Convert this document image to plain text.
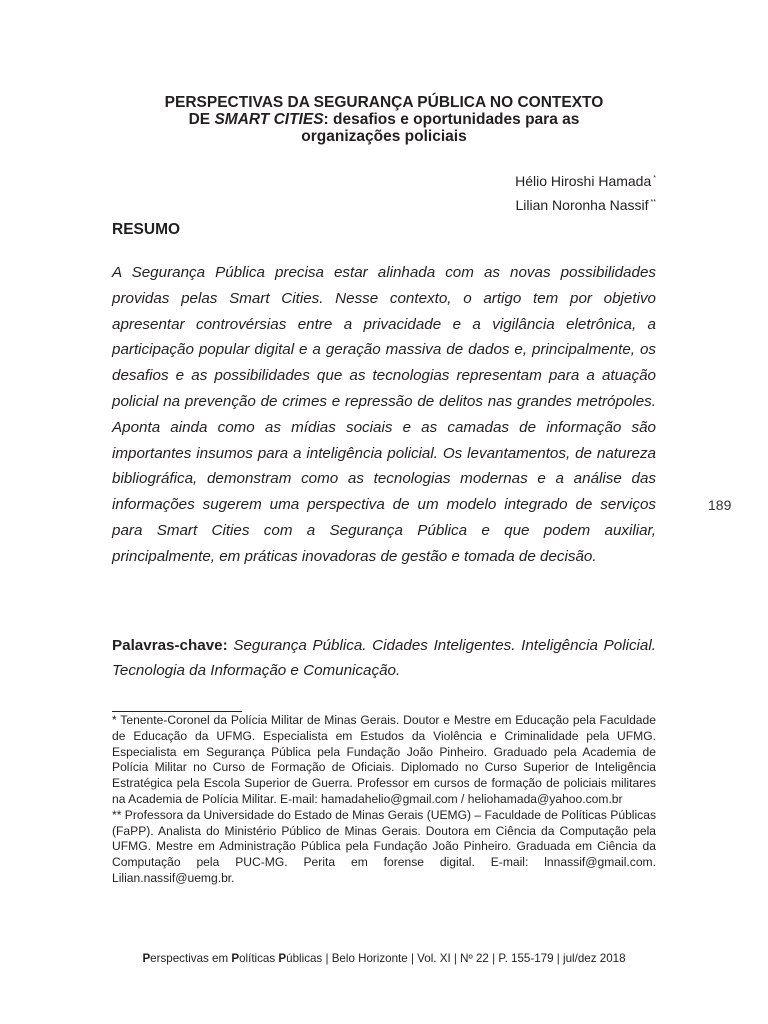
PERSPECTIVAS DA SEGURANÇA PÚBLICA NO CONTEXTO
DE SMART CITIES: desafios e oportunidades para as
organizações policiais
Hélio Hiroshi Hamada *
Lilian Noronha Nassif **
RESUMO

A Segurança Pública precisa estar alinhada com as novas possibilidades providas pelas Smart Cities. Nesse contexto, o artigo tem por objetivo apresentar controvérsias entre a privacidade e a vigilância eletrônica, a participação popular digital e a geração massiva de dados e, principalmente, os desafios e as possibilidades que as tecnologias representam para a atuação policial na prevenção de crimes e repressão de delitos nas grandes metrópoles. Aponta ainda como as mídias sociais e as camadas de informação são importantes insumos para a inteligência policial. Os levantamentos, de natureza bibliográfica, demonstram como as tecnologias modernas e a análise das informações sugerem uma perspectiva de um modelo integrado de serviços para Smart Cities com a Segurança Pública e que podem auxiliar, principalmente, em práticas inovadoras de gestão e tomada de decisão.

Palavras-chave: Segurança Pública. Cidades Inteligentes. Inteligência Policial. Tecnologia da Informação e Comunicação.

189

* Tenente-Coronel da Polícia Militar de Minas Gerais. Doutor e Mestre em Educação pela Faculdade de Educação da UFMG. Especialista em Estudos da Violência e Criminalidade pela UFMG. Especialista em Segurança Pública pela Fundação João Pinheiro. Graduado pela Academia de Polícia Militar no Curso de Formação de Oficiais. Diplomado no Curso Superior de Inteligência Estratégica pela Escola Superior de Guerra. Professor em cursos de formação de policiais militares na Academia de Polícia Militar. E-mail: hamadahelio@gmail.com / heliohamada@yahoo.com.br

** Professora da Universidade do Estado de Minas Gerais (UEMG) – Faculdade de Políticas Públicas (FaPP). Analista do Ministério Público de Minas Gerais. Doutora em Ciência da Computação pela UFMG. Mestre em Administração Pública pela Fundação João Pinheiro. Graduada em Ciência da Computação pela PUC-MG. Perita em forense digital. E-mail: lnnassif@gmail.com. Lilian.nassif@uemg.br.

Perspectivas em Políticas Públicas | Belo Horizonte | Vol. XI | Nº 22 | P. 155-179 | jul/dez 2018
